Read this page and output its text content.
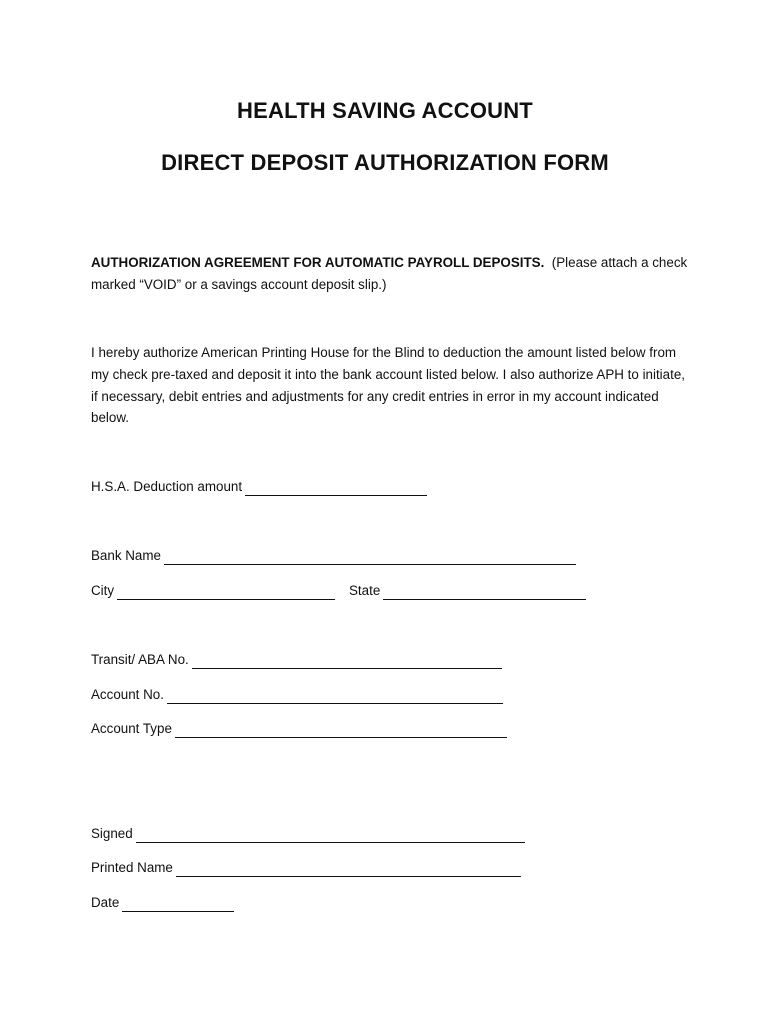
HEALTH SAVING ACCOUNT
DIRECT DEPOSIT AUTHORIZATION FORM
AUTHORIZATION AGREEMENT FOR AUTOMATIC PAYROLL DEPOSITS.  (Please attach a check marked “VOID” or a savings account deposit slip.)
I hereby authorize American Printing House for the Blind to deduction the amount listed below from my check pre-taxed and deposit it into the bank account listed below. I also authorize APH to initiate, if necessary, debit entries and adjustments for any credit entries in error in my account indicated below.
H.S.A. Deduction amount
Bank Name
City	State
Transit/ ABA No.
Account No.
Account Type
Signed
Printed Name
Date
